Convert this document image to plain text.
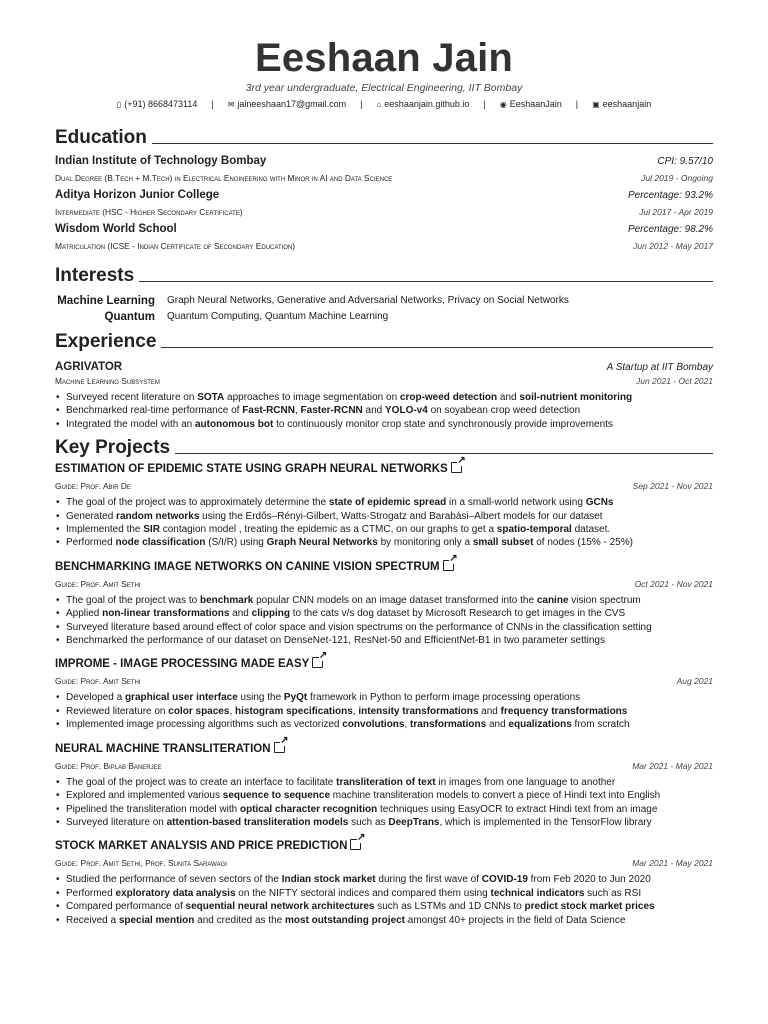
Eeshaan Jain
3rd year undergraduate, Electrical Engineering, IIT Bombay
▯ (+91) 8668473114 | ✉ jaineeshaan17@gmail.com | ⌂ eeshaanjain.github.io | ◉ EeshaanJain | ▣ eeshaanjain
Education
Indian Institute of Technology Bombay	CPI: 9.57/10
Dual Degree (B.Tech + M.Tech) in Electrical Engineering with Minor in AI and Data Science	Jul 2019 - Ongoing
Aditya Horizon Junior College	Percentage: 93.2%
Intermediate (HSC - Higher Secondary Certificate)	Jul 2017 - Apr 2019
Wisdom World School	Percentage: 98.2%
Matriculation (ICSE - Indian Certificate of Secondary Education)	Jun 2012 - May 2017
Interests
Machine Learning	Graph Neural Networks, Generative and Adversarial Networks, Privacy on Social Networks
Quantum	Quantum Computing, Quantum Machine Learning
Experience
AGRIVATOR	A Startup at IIT Bombay
Machine Learning Subsystem	Jun 2021 - Oct 2021
• Surveyed recent literature on SOTA approaches to image segmentation on crop-weed detection and soil-nutrient monitoring
• Benchmarked real-time performance of Fast-RCNN, Faster-RCNN and YOLO-v4 on soyabean crop weed detection
• Integrated the model with an autonomous bot to continuously monitor crop state and synchronously provide improvements
Key Projects
ESTIMATION OF EPIDEMIC STATE USING GRAPH NEURAL NETWORKS↗
Guide: Prof. Abir De	Sep 2021 - Nov 2021
• The goal of the project was to approximately determine the state of epidemic spread in a small-world network using GCNs
• Generated random networks using the Erdős–Rényi-Gilbert, Watts-Strogatz and Barabási–Albert models for our dataset
• Implemented the SIR contagion model , treating the epidemic as a CTMC, on our graphs to get a spatio-temporal dataset.
• Performed node classification (S/I/R) using Graph Neural Networks by monitoring only a small subset of nodes (15% - 25%)
BENCHMARKING IMAGE NETWORKS ON CANINE VISION SPECTRUM↗
Guide: Prof. Amit Sethi	Oct 2021 - Nov 2021
• The goal of the project was to benchmark popular CNN models on an image dataset transformed into the canine vision spectrum
• Applied non-linear transformations and clipping to the cats v/s dog dataset by Microsoft Research to get images in the CVS
• Surveyed literature based around effect of color space and vision spectrums on the performance of CNNs in the classification setting
• Benchmarked the performance of our dataset on DenseNet-121, ResNet-50 and EfficientNet-B1 in two parameter settings
IMPROME - IMAGE PROCESSING MADE EASY↗
Guide: Prof. Amit Sethi	Aug 2021
• Developed a graphical user interface using the PyQt framework in Python to perform image processing operations
• Reviewed literature on color spaces, histogram specifications, intensity transformations and frequency transformations
• Implemented image processing algorithms such as vectorized convolutions, transformations and equalizations from scratch
NEURAL MACHINE TRANSLITERATION↗
Guide: Prof. Biplab Banerjee	Mar 2021 - May 2021
• The goal of the project was to create an interface to facilitate transliteration of text in images from one language to another
• Explored and implemented various sequence to sequence machine transliteration models to convert a piece of Hindi text into English
• Pipelined the transliteration model with optical character recognition techniques using EasyOCR to extract Hindi text from an image
• Surveyed literature on attention-based transliteration models such as DeepTrans, which is implemented in the TensorFlow library
STOCK MARKET ANALYSIS AND PRICE PREDICTION↗
Guide: Prof. Amit Sethi, Prof. Sunita Sarawagi	Mar 2021 - May 2021
• Studied the performance of seven sectors of the Indian stock market during the first wave of COVID-19 from Feb 2020 to Jun 2020
• Performed exploratory data analysis on the NIFTY sectoral indices and compared them using technical indicators such as RSI
• Compared performance of sequential neural network architectures such as LSTMs and 1D CNNs to predict stock market prices
• Received a special mention and credited as the most outstanding project amongst 40+ projects in the field of Data Science
